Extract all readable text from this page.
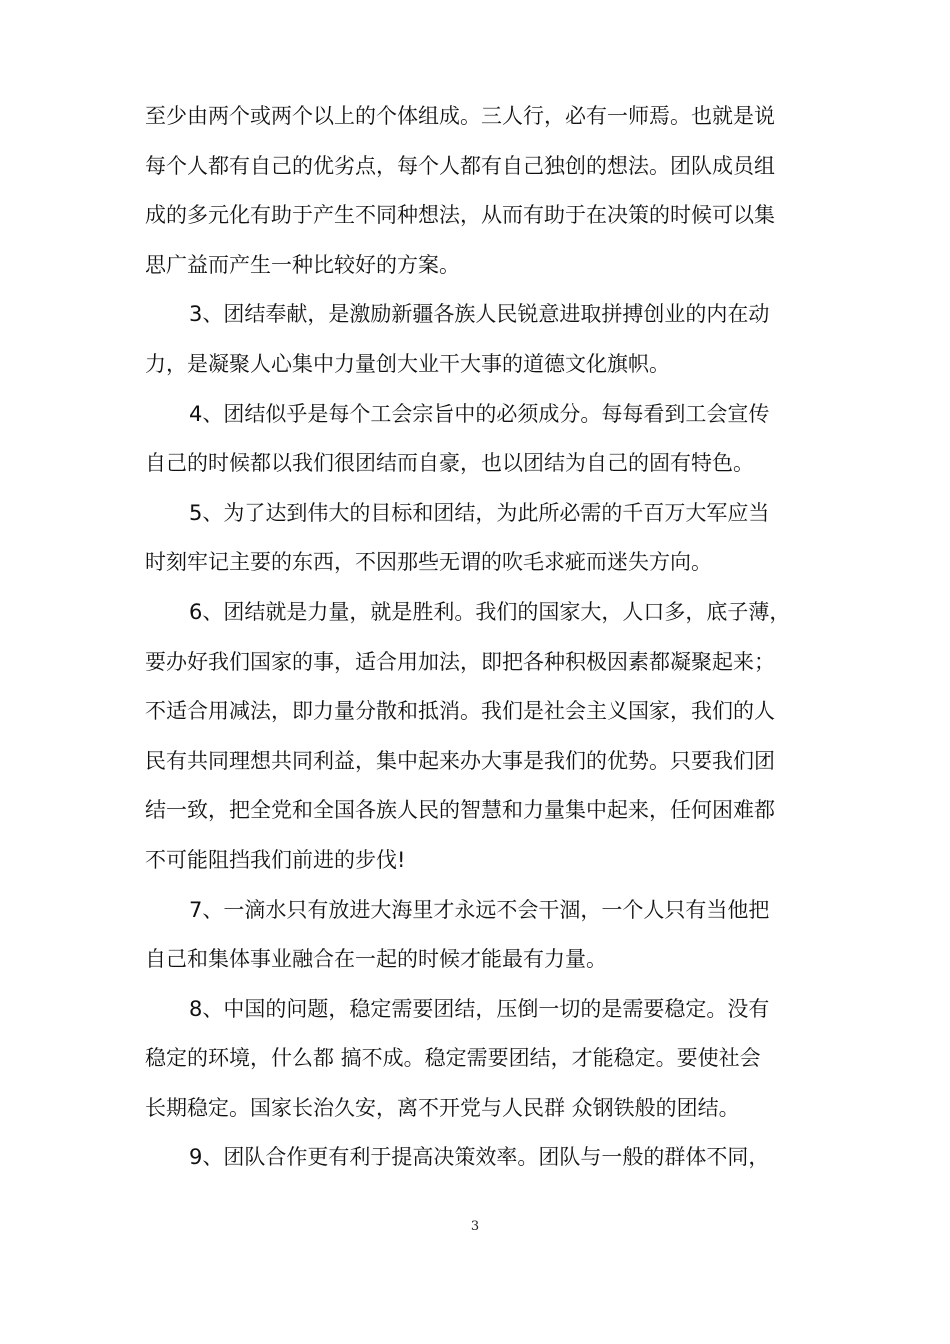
至少由两个或两个以上的个体组成。三人行，必有一师焉。也就是说
每个人都有自己的优劣点，每个人都有自己独创的想法。团队成员组
成的多元化有助于产生不同种想法，从而有助于在决策的时候可以集
思广益而产生一种比较好的方案。
3、团结奉献，是激励新疆各族人民锐意进取拼搏创业的内在动
力，是凝聚人心集中力量创大业干大事的道德文化旗帜。
4、团结似乎是每个工会宗旨中的必须成分。每每看到工会宣传
自己的时候都以我们很团结而自豪，也以团结为自己的固有特色。
5、为了达到伟大的目标和团结，为此所必需的千百万大军应当
时刻牢记主要的东西，不因那些无谓的吹毛求疵而迷失方向。
6、团结就是力量，就是胜利。我们的国家大，人口多，底子薄，
要办好我们国家的事，适合用加法，即把各种积极因素都凝聚起来；
不适合用减法，即力量分散和抵消。我们是社会主义国家，我们的人
民有共同理想共同利益，集中起来办大事是我们的优势。只要我们团
结一致，把全党和全国各族人民的智慧和力量集中起来，任何困难都
不可能阻挡我们前进的步伐!
7、一滴水只有放进大海里才永远不会干涸，一个人只有当他把
自己和集体事业融合在一起的时候才能最有力量。
8、中国的问题，稳定需要团结，压倒一切的是需要稳定。没有
稳定的环境，什么都 搞不成。稳定需要团结，才能稳定。要使社会
长期稳定。国家长治久安，离不开党与人民群 众钢铁般的团结。
9、团队合作更有利于提高决策效率。团队与一般的群体不同，
3
